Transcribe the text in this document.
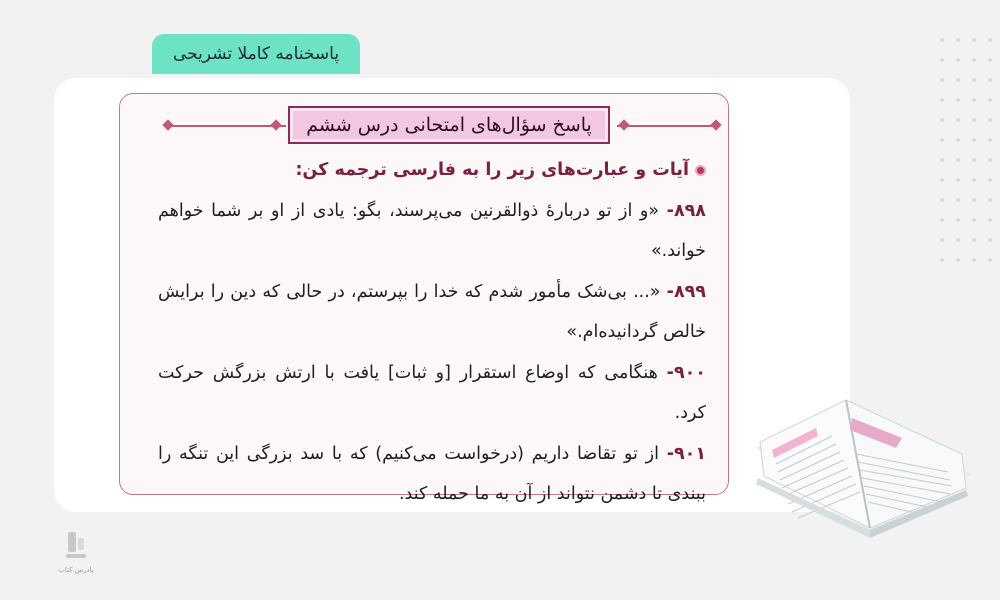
پاسخنامه کاملا تشریحی
پاسخ سؤال‌های امتحانی درس ششم
آیات و عبارت‌های زیر را به فارسی ترجمه کن:

۸۹۸- «و از تو دربارهٔ ذوالقرنین می‌پرسند، بگو: یادی از او بر شما خواهم خواند.»

۸۹۹- «... بی‌شک مأمور شدم که خدا را بپرستم، در حالی که دین را برایش خالص گردانیده‌ام.»

۹۰۰- هنگامی که اوضاع استقرار [و ثبات] یافت با ارتش بزرگش حرکت کرد.

۹۰۱- از تو تقاضا داریم (درخواست می‌کنیم) که با سد بزرگی این تنگه را ببندی تا دشمن نتواند از آن به ما حمله کند.

پادرس کتاب
